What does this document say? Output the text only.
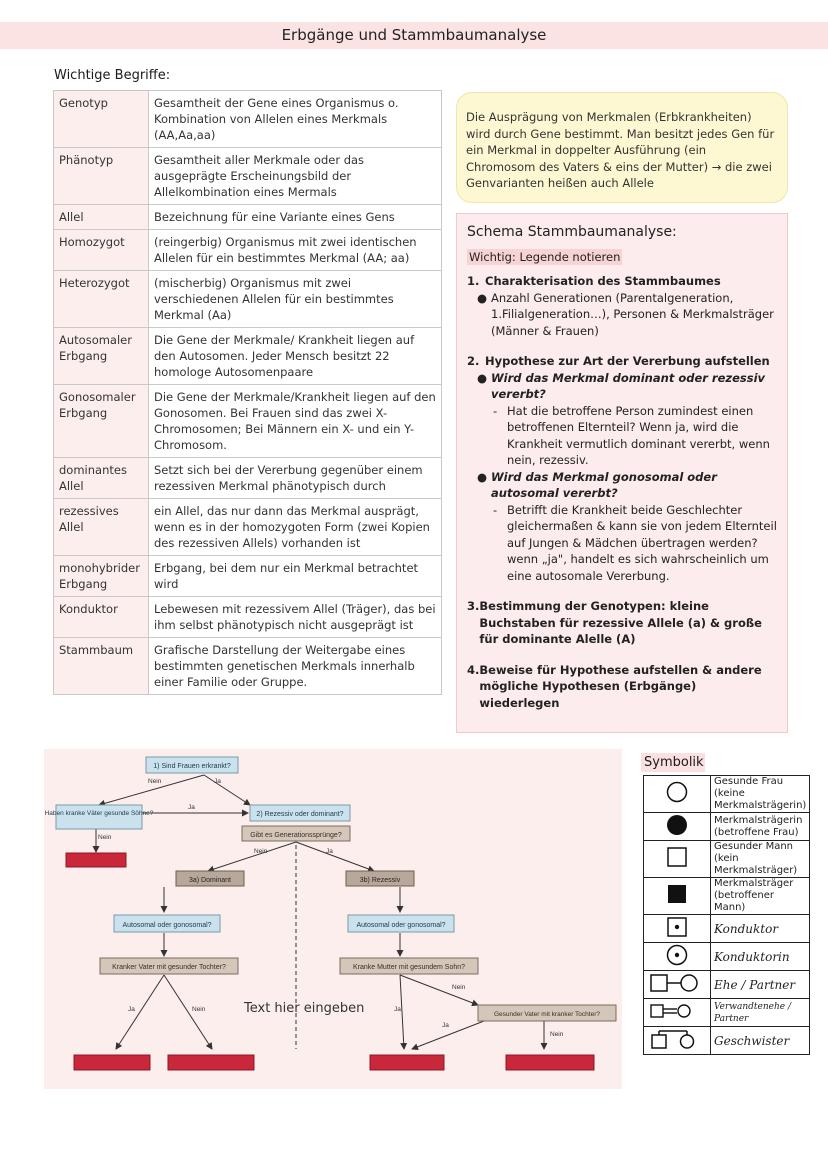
Erbgänge und Stammbaumanalyse
Wichtige Begriffe:
Genotyp	Gesamtheit der Gene eines Organismus o. Kombination von Allelen eines Merkmals (AA,Aa,aa)
Phänotyp	Gesamtheit aller Merkmale oder das ausgeprägte Erscheinungsbild der Allelkombination eines Mermals
Allel	Bezeichnung für eine Variante eines Gens
Homozygot	(reingerbig) Organismus mit zwei identischen Allelen für ein bestimmtes Merkmal (AA; aa)
Heterozygot	(mischerbig) Organismus mit zwei verschiedenen Allelen für ein bestimmtes Merkmal (Aa)
Autosomaler Erbgang	Die Gene der Merkmale/ Krankheit liegen auf den Autosomen. Jeder Mensch besitzt 22 homologe Autosomenpaare
Gonosomaler Erbgang	Die Gene der Merkmale/Krankheit liegen auf den Gonosomen. Bei Frauen sind das zwei X-Chromosomen; Bei Männern ein X- und ein Y-Chromosom.
dominantes Allel	Setzt sich bei der Vererbung gegenüber einem rezessiven Merkmal phänotypisch durch
rezessives Allel	ein Allel, das nur dann das Merkmal ausprägt, wenn es in der homozygoten Form (zwei Kopien des rezessiven Allels) vorhanden ist
monohybrider Erbgang	Erbgang, bei dem nur ein Merkmal betrachtet wird
Konduktor	Lebewesen mit rezessivem Allel (Träger), das bei ihm selbst phänotypisch nicht ausgeprägt ist
Stammbaum	Grafische Darstellung der Weitergabe eines bestimmten genetischen Merkmals innerhalb einer Familie oder Gruppe.
Die Ausprägung von Merkmalen (Erbkrankheiten) wird durch Gene bestimmt. Man besitzt jedes Gen für ein Merkmal in doppelter Ausführung (ein Chromosom des Vaters & eins der Mutter) → die zwei Genvarianten heißen auch Allele
Schema Stammbaumanalyse:
Wichtig: Legende notieren
1. Charakterisation des Stammbaumes
● Anzahl Generationen (Parentalgeneration, 1.Filialgeneration…), Personen & Merkmalsträger (Männer & Frauen)
2. Hypothese zur Art der Vererbung aufstellen
● Wird das Merkmal dominant oder rezessiv vererbt?
- Hat die betroffene Person zumindest einen betroffenen Elternteil? Wenn ja, wird die Krankheit vermutlich dominant vererbt, wenn nein, rezessiv.
● Wird das Merkmal gonosomal oder autosomal vererbt?
- Betrifft die Krankheit beide Geschlechter gleichermaßen & kann sie von jedem Elternteil auf Jungen & Mädchen übertragen werden? wenn „ja", handelt es sich wahrscheinlich um eine autosomale Vererbung.
3. Bestimmung der Genotypen: kleine Buchstaben für rezessive Allele (a) & große für dominante Alelle (A)
4. Beweise für Hypothese aufstellen & andere mögliche Hypothesen (Erbgänge) wiederlegen
1) Sind Frauen erkrankt?
Haben kranke Väter gesunde Söhne?	2) Rezessiv oder dominant?
Gibt es Generationssprünge?
3a) Dominant	3b) Rezessiv
Autosomal oder gonosomal?	Autosomal oder gonosomal?
Kranker Vater mit gesunder Tochter?	Kranke Mutter mit gesundem Sohn?
Gesunder Vater mit kranker Tochter?
Nein	Ja
Ja
Nein
Nein	Ja
Ja	Nein
Nein
Ja
Ja
Nein
Text hier eingeben
Symbolik
	Gesunde Frau (keine Merkmalsträgerin)
	Merkmalsträgerin (betroffene Frau)
	Gesunder Mann (kein Merkmalsträger)
	Merkmalsträger (betroffener Mann)
	Konduktor
	Konduktorin
	Ehe / Partner
	Verwandtenehe / Partner
	Geschwister
